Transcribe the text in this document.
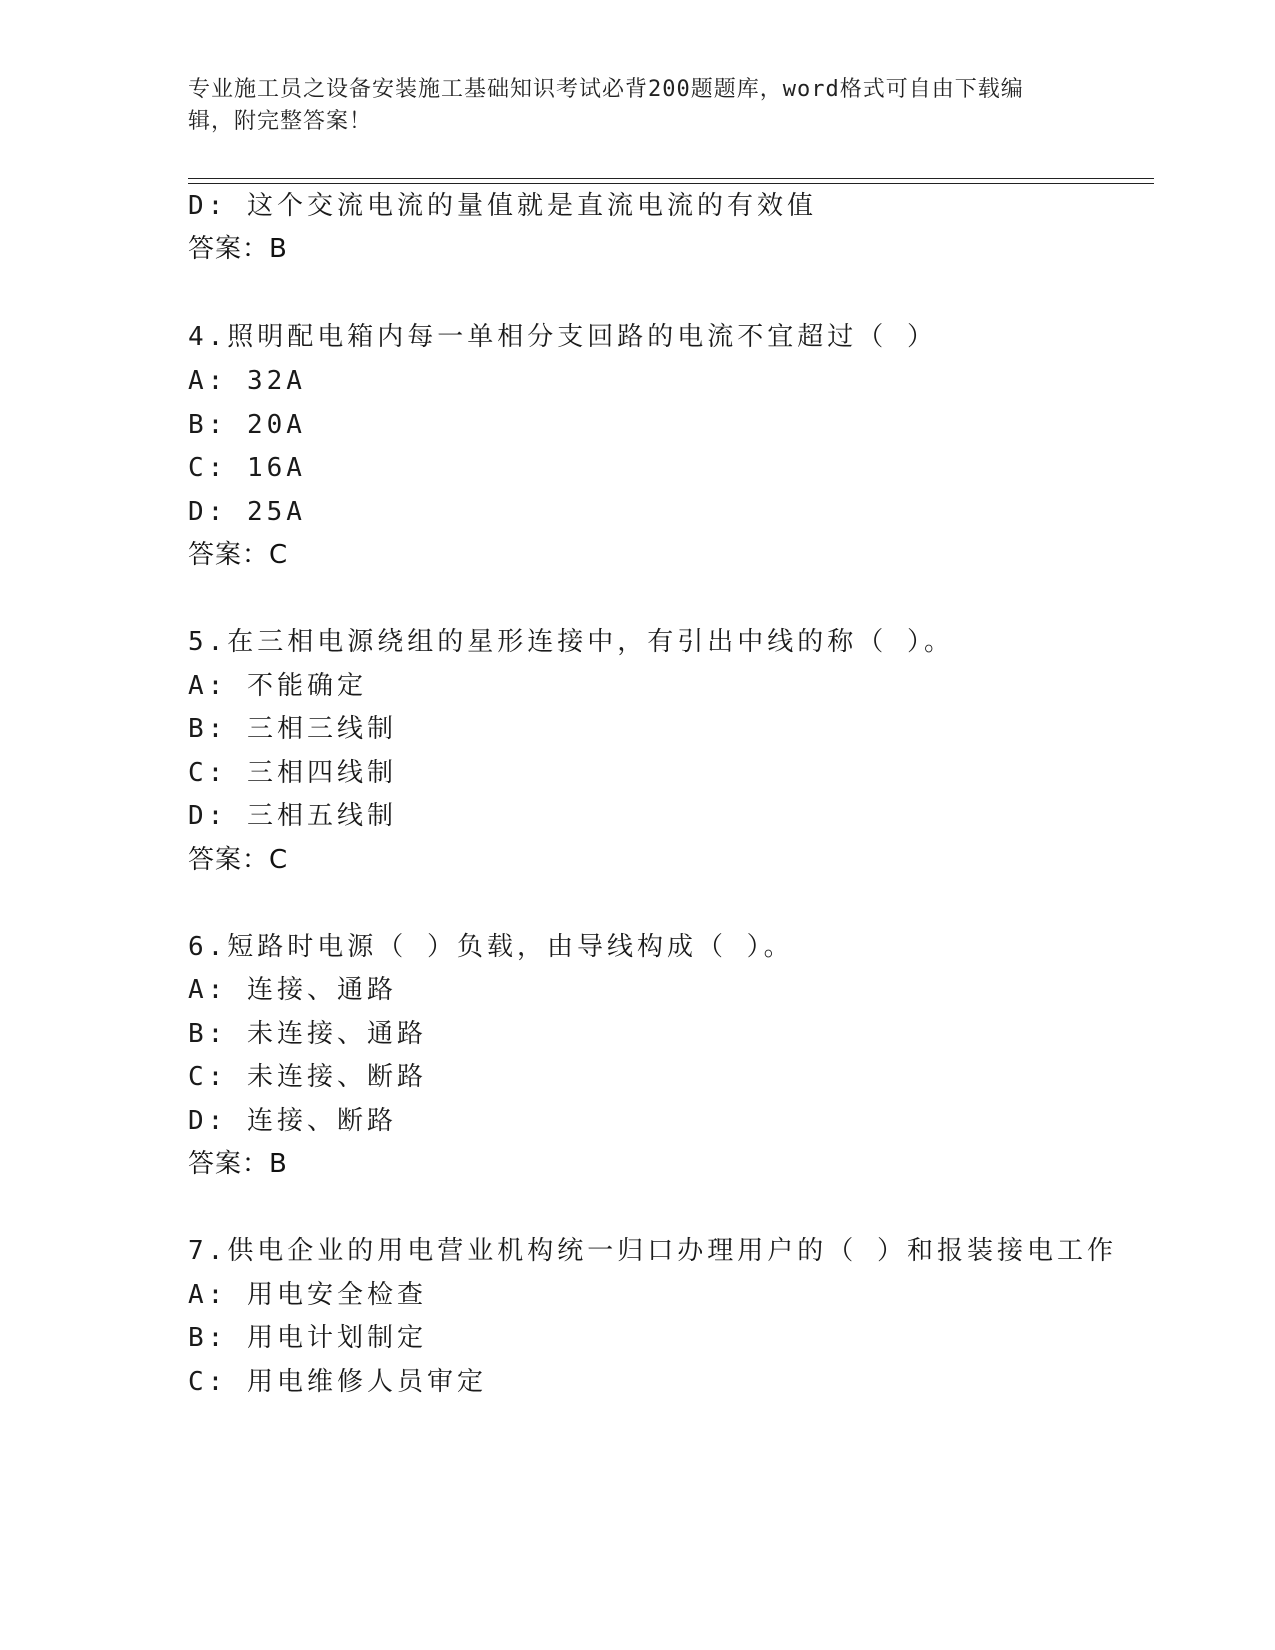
专业施工员之设备安装施工基础知识考试必背200题题库，word格式可自由下载编辑，附完整答案！
D: 这个交流电流的量值就是直流电流的有效值
答案：B
4.照明配电箱内每一单相分支回路的电流不宜超过（ ）
A: 32A
B: 20A
C: 16A
D: 25A
答案：C
5.在三相电源绕组的星形连接中，有引出中线的称（ ）。
A: 不能确定
B: 三相三线制
C: 三相四线制
D: 三相五线制
答案：C
6.短路时电源（ ）负载，由导线构成（ ）。
A: 连接、通路
B: 未连接、通路
C: 未连接、断路
D: 连接、断路
答案：B
7.供电企业的用电营业机构统一归口办理用户的（ ）和报装接电工作
A: 用电安全检查
B: 用电计划制定
C: 用电维修人员审定
